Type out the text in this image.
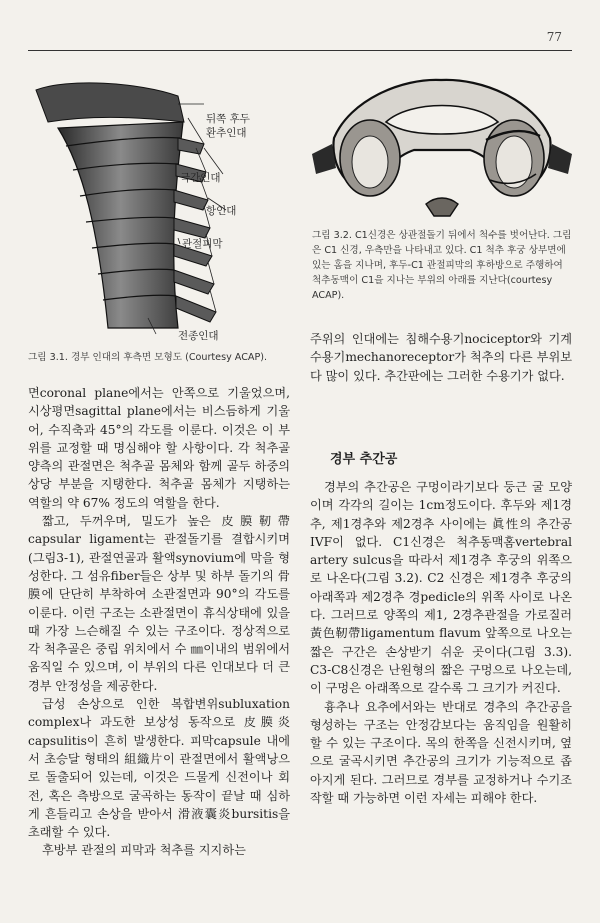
77
뒤쪽 후두
환추인대
극간인대
항인대
관절피막
전종인대
그림 3.1. 경부 인대의 후측면 모형도 (Courtesy ACAP).
그림 3.2. C1신경은 상관절돌기 뒤에서 척수를 벗어난다. 그림은 C1 신경, 우측만을 나타내고 있다. C1 척추 후궁 상부면에 있는 홈을 지나며, 후두-C1 관절피막의 후하방으로 주행하여 척추동맥이 C1을 지나는 부위의 아래를 지난다(courtesy ACAP).

면coronal plane에서는 안쪽으로 기울었으며, 시상평면sagittal plane에서는 비스듬하게 기울어, 수직축과 45°의 각도를 이룬다. 이것은 이 부위를 교정할 때 명심해야 할 사항이다. 각 척추골 양측의 관절면은 척추골 몸체와 함께 골두 하중의 상당 부분을 지탱한다. 척추골 몸체가 지탱하는 역할의 약 67% 정도의 역할을 한다.

짧고, 두꺼우며, 밀도가 높은 皮膜靭帶 capsular ligament는 관절돌기를 결합시키며(그림3-1), 관절연골과 활액synovium에 막을 형성한다. 그 섬유fiber들은 상부 및 하부 돌기의 骨膜에 단단히 부착하여 소관절면과 90°의 각도를 이룬다. 이런 구조는 소관절면이 휴식상태에 있을 때 가장 느슨해질 수 있는 구조이다. 정상적으로 각 척추골은 중립 위치에서 수 ㎜이내의 범위에서 움직일 수 있으며, 이 부위의 다른 인대보다 더 큰 경부 안정성을 제공한다.

급성 손상으로 인한 복합변위subluxation complex나 과도한 보상성 동작으로 皮膜炎 capsulitis이 흔히 발생한다. 피막capsule 내에서 초승달 형태의 組織片이 관절면에서 활액낭으로 돌출되어 있는데, 이것은 드물게 신전이나 회전, 혹은 측방으로 굴곡하는 동작이 끝날 때 심하게 흔들리고 손상을 받아서 滑液囊炎bursitis을 초래할 수 있다.

후방부 관절의 피막과 척추를 지지하는

주위의 인대에는 침해수용기nociceptor와 기계수용기mechanoreceptor가 척추의 다른 부위보다 많이 있다. 추간판에는 그러한 수용기가 없다.

경부 추간공

경부의 추간공은 구멍이라기보다 둥근 굴 모양이며 각각의 길이는 1cm정도이다. 후두와 제1경추, 제1경추와 제2경추 사이에는 眞性의 추간공IVF이 없다. C1신경은 척추동맥홈vertebral artery sulcus을 따라서 제1경추 후궁의 위쪽으로 나온다(그림 3.2). C2 신경은 제1경추 후궁의 아래쪽과 제2경추 경pedicle의 위쪽 사이로 나온다. 그러므로 양쪽의 제1, 2경추관절을 가로질러 黃色靭帶ligamentum flavum 앞쪽으로 나오는 짧은 구간은 손상받기 쉬운 곳이다(그림 3.3). C3-C8신경은 난원형의 짧은 구멍으로 나오는데, 이 구멍은 아래쪽으로 갈수록 그 크기가 커진다.

흉추나 요추에서와는 반대로 경추의 추간공을 형성하는 구조는 안정감보다는 움직임을 원활히 할 수 있는 구조이다. 목의 한쪽을 신전시키며, 옆으로 굴곡시키면 추간공의 크기가 기능적으로 좁아지게 된다. 그러므로 경부를 교정하거나 수기조작할 때 가능하면 이런 자세는 피해야 한다.
